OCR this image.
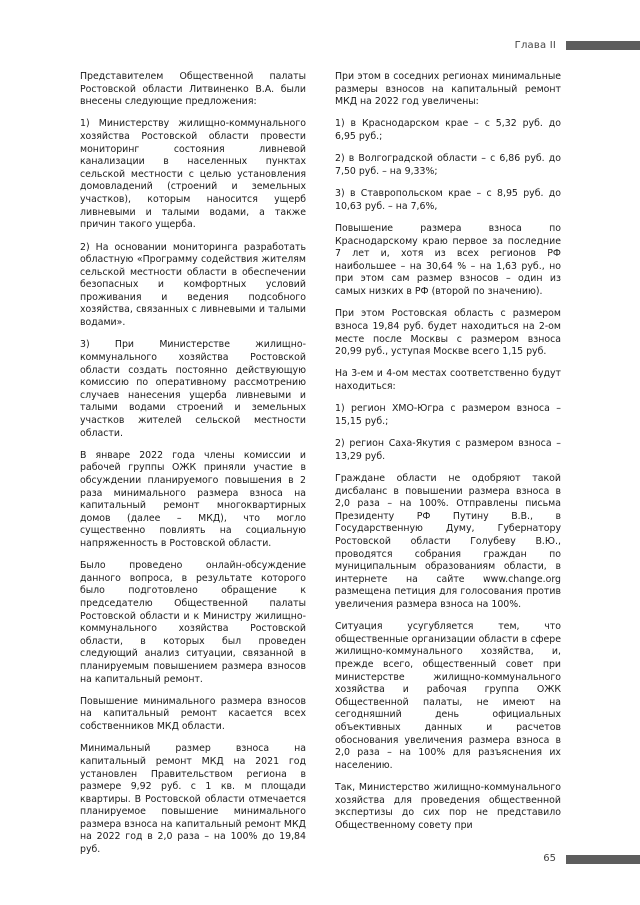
Глава II

Представителем Общественной палаты Ростовской области Литвиненко В.А. были внесены следующие предложения:

1) Министерству жилищно-коммунального хозяйства Ростовской области провести мониторинг состояния ливневой канализации в населенных пунктах сельской местности с целью установления домовладений (строений и земельных участков), которым наносится ущерб ливневыми и талыми водами, а также причин такого ущерба.

2) На основании мониторинга разработать областную «Программу содействия жителям сельской местности области в обеспечении безопасных и комфортных условий проживания и ведения подсобного хозяйства, связанных с ливневыми и талыми водами».

3) При Министерстве жилищно-коммунального хозяйства Ростовской области создать постоянно действующую комиссию по оперативному рассмотрению случаев нанесения ущерба ливневыми и талыми водами строений и земельных участков жителей сельской местности области.

В январе 2022 года члены комиссии и рабочей группы ОЖК приняли участие в обсуждении планируемого повышения в 2 раза минимального размера взноса на капитальный ремонт многоквартирных домов (далее – МКД), что могло существенно повлиять на социальную напряженность в Ростовской области.

Было проведено онлайн-обсуждение данного вопроса, в результате которого было подготовлено обращение к председателю Общественной палаты Ростовской области и к Министру жилищно-коммунального хозяйства Ростовской области, в которых был проведен следующий анализ ситуации, связанной в планируемым повышением размера взносов на капитальный ремонт.

Повышение минимального размера взносов на капитальный ремонт касается всех собственников МКД области.

Минимальный размер взноса на капитальный ремонт МКД на 2021 год установлен Правительством региона в размере 9,92 руб. с 1 кв. м площади квартиры. В Ростовской области отмечается планируемое повышение минимального размера взноса на капитальный ремонт МКД на 2022 год в 2,0 раза – на 100% до 19,84 руб.

При этом в соседних регионах минимальные размеры взносов на капитальный ремонт МКД на 2022 год увеличены:

1) в Краснодарском крае – с 5,32 руб. до 6,95 руб.;

2) в Волгоградской области – с 6,86 руб. до 7,50 руб. – на 9,33%;

3) в Ставропольском крае – с 8,95 руб. до 10,63 руб. – на 7,6%,

Повышение размера взноса по Краснодарскому краю первое за последние 7 лет и, хотя из всех регионов РФ наибольшее – на 30,64 % – на 1,63 руб., но при этом сам размер взносов – один из самых низких в РФ (второй по значению).

При этом Ростовская область с размером взноса 19,84 руб. будет находиться на 2-ом месте после Москвы с размером взноса 20,99 руб., уступая Москве всего 1,15 руб.

На 3-ем и 4-ом местах соответственно будут находиться:

1) регион ХМО-Югра с размером взноса – 15,15 руб.;

2) регион Саха-Якутия с размером взноса – 13,29 руб.

Граждане области не одобряют такой дисбаланс в повышении размера взноса в 2,0 раза – на 100%. Отправлены письма Президенту РФ Путину В.В., в Государственную Думу, Губернатору Ростовской области Голубеву В.Ю., проводятся собрания граждан по муниципальным образованиям области, в интернете на сайте www.change.org размещена петиция для голосования против увеличения размера взноса на 100%.

Ситуация усугубляется тем, что общественные организации области в сфере жилищно-коммунального хозяйства, и, прежде всего, общественный совет при министерстве жилищно-коммунального хозяйства и рабочая группа ОЖК Общественной палаты, не имеют на сегодняшний день официальных объективных данных и расчетов обоснования увеличения размера взноса в 2,0 раза – на 100% для разъяснения их населению.

Так, Министерство жилищно-коммунального хозяйства для проведения общественной экспертизы до сих пор не представило Общественному совету при

65
